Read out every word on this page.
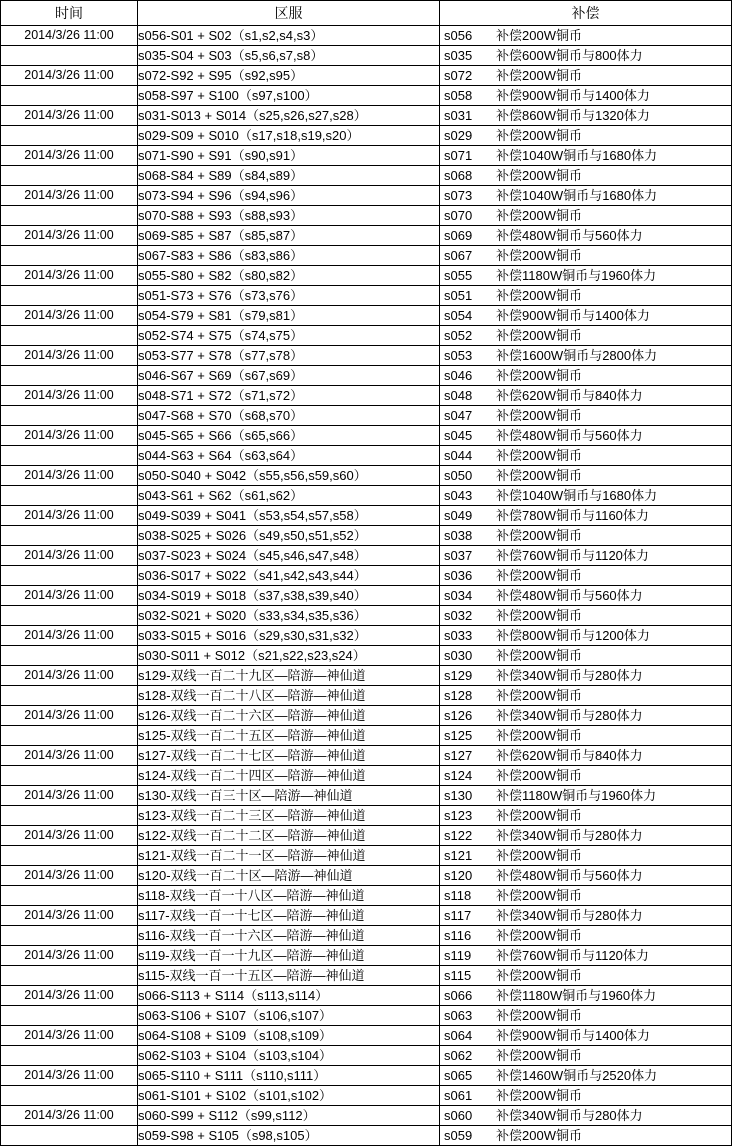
时间	区服	补偿
2014/3/26 11:00	s056-S01 + S02（s1,s2,s4,s3）	s056 补偿200W铜币

	s035-S04 + S03（s5,s6,s7,s8）	s035 补偿600W铜币与800体力

2014/3/26 11:00	s072-S92 + S95（s92,s95）	s072 补偿200W铜币

	s058-S97 + S100（s97,s100）	s058 补偿900W铜币与1400体力

2014/3/26 11:00	s031-S013 + S014（s25,s26,s27,s28）	s031 补偿860W铜币与1320体力

	s029-S09 + S010（s17,s18,s19,s20）	s029 补偿200W铜币

2014/3/26 11:00	s071-S90 + S91（s90,s91）	s071 补偿1040W铜币与1680体力

	s068-S84 + S89（s84,s89）	s068 补偿200W铜币

2014/3/26 11:00	s073-S94 + S96（s94,s96）	s073 补偿1040W铜币与1680体力

	s070-S88 + S93（s88,s93）	s070 补偿200W铜币

2014/3/26 11:00	s069-S85 + S87（s85,s87）	s069 补偿480W铜币与560体力

	s067-S83 + S86（s83,s86）	s067 补偿200W铜币

2014/3/26 11:00	s055-S80 + S82（s80,s82）	s055 补偿1180W铜币与1960体力

	s051-S73 + S76（s73,s76）	s051 补偿200W铜币

2014/3/26 11:00	s054-S79 + S81（s79,s81）	s054 补偿900W铜币与1400体力

	s052-S74 + S75（s74,s75）	s052 补偿200W铜币

2014/3/26 11:00	s053-S77 + S78（s77,s78）	s053 补偿1600W铜币与2800体力

	s046-S67 + S69（s67,s69）	s046 补偿200W铜币

2014/3/26 11:00	s048-S71 + S72（s71,s72）	s048 补偿620W铜币与840体力

	s047-S68 + S70（s68,s70）	s047 补偿200W铜币

2014/3/26 11:00	s045-S65 + S66（s65,s66）	s045 补偿480W铜币与560体力

	s044-S63 + S64（s63,s64）	s044 补偿200W铜币

2014/3/26 11:00	s050-S040 + S042（s55,s56,s59,s60）	s050 补偿200W铜币

	s043-S61 + S62（s61,s62）	s043 补偿1040W铜币与1680体力

2014/3/26 11:00	s049-S039 + S041（s53,s54,s57,s58）	s049 补偿780W铜币与1160体力

	s038-S025 + S026（s49,s50,s51,s52）	s038 补偿200W铜币

2014/3/26 11:00	s037-S023 + S024（s45,s46,s47,s48）	s037 补偿760W铜币与1120体力

	s036-S017 + S022（s41,s42,s43,s44）	s036 补偿200W铜币

2014/3/26 11:00	s034-S019 + S018（s37,s38,s39,s40）	s034 补偿480W铜币与560体力

	s032-S021 + S020（s33,s34,s35,s36）	s032 补偿200W铜币

2014/3/26 11:00	s033-S015 + S016（s29,s30,s31,s32）	s033 补偿800W铜币与1200体力

	s030-S011 + S012（s21,s22,s23,s24）	s030 补偿200W铜币

2014/3/26 11:00	s129-双线一百二十九区—陪游—神仙道	s129 补偿340W铜币与280体力

	s128-双线一百二十八区—陪游—神仙道	s128 补偿200W铜币

2014/3/26 11:00	s126-双线一百二十六区—陪游—神仙道	s126 补偿340W铜币与280体力

	s125-双线一百二十五区—陪游—神仙道	s125 补偿200W铜币

2014/3/26 11:00	s127-双线一百二十七区—陪游—神仙道	s127 补偿620W铜币与840体力

	s124-双线一百二十四区—陪游—神仙道	s124 补偿200W铜币

2014/3/26 11:00	s130-双线一百三十区—陪游—神仙道	s130 补偿1180W铜币与1960体力

	s123-双线一百二十三区—陪游—神仙道	s123 补偿200W铜币

2014/3/26 11:00	s122-双线一百二十二区—陪游—神仙道	s122 补偿340W铜币与280体力

	s121-双线一百二十一区—陪游—神仙道	s121 补偿200W铜币

2014/3/26 11:00	s120-双线一百二十区—陪游—神仙道	s120 补偿480W铜币与560体力

	s118-双线一百一十八区—陪游—神仙道	s118 补偿200W铜币

2014/3/26 11:00	s117-双线一百一十七区—陪游—神仙道	s117 补偿340W铜币与280体力

	s116-双线一百一十六区—陪游—神仙道	s116 补偿200W铜币

2014/3/26 11:00	s119-双线一百一十九区—陪游—神仙道	s119 补偿760W铜币与1120体力

	s115-双线一百一十五区—陪游—神仙道	s115 补偿200W铜币

2014/3/26 11:00	s066-S113 + S114（s113,s114）	s066 补偿1180W铜币与1960体力

	s063-S106 + S107（s106,s107）	s063 补偿200W铜币

2014/3/26 11:00	s064-S108 + S109（s108,s109）	s064 补偿900W铜币与1400体力

	s062-S103 + S104（s103,s104）	s062 补偿200W铜币

2014/3/26 11:00	s065-S110 + S111（s110,s111）	s065 补偿1460W铜币与2520体力

	s061-S101 + S102（s101,s102）	s061 补偿200W铜币

2014/3/26 11:00	s060-S99 + S112（s99,s112）	s060 补偿340W铜币与280体力

	s059-S98 + S105（s98,s105）	s059 补偿200W铜币
